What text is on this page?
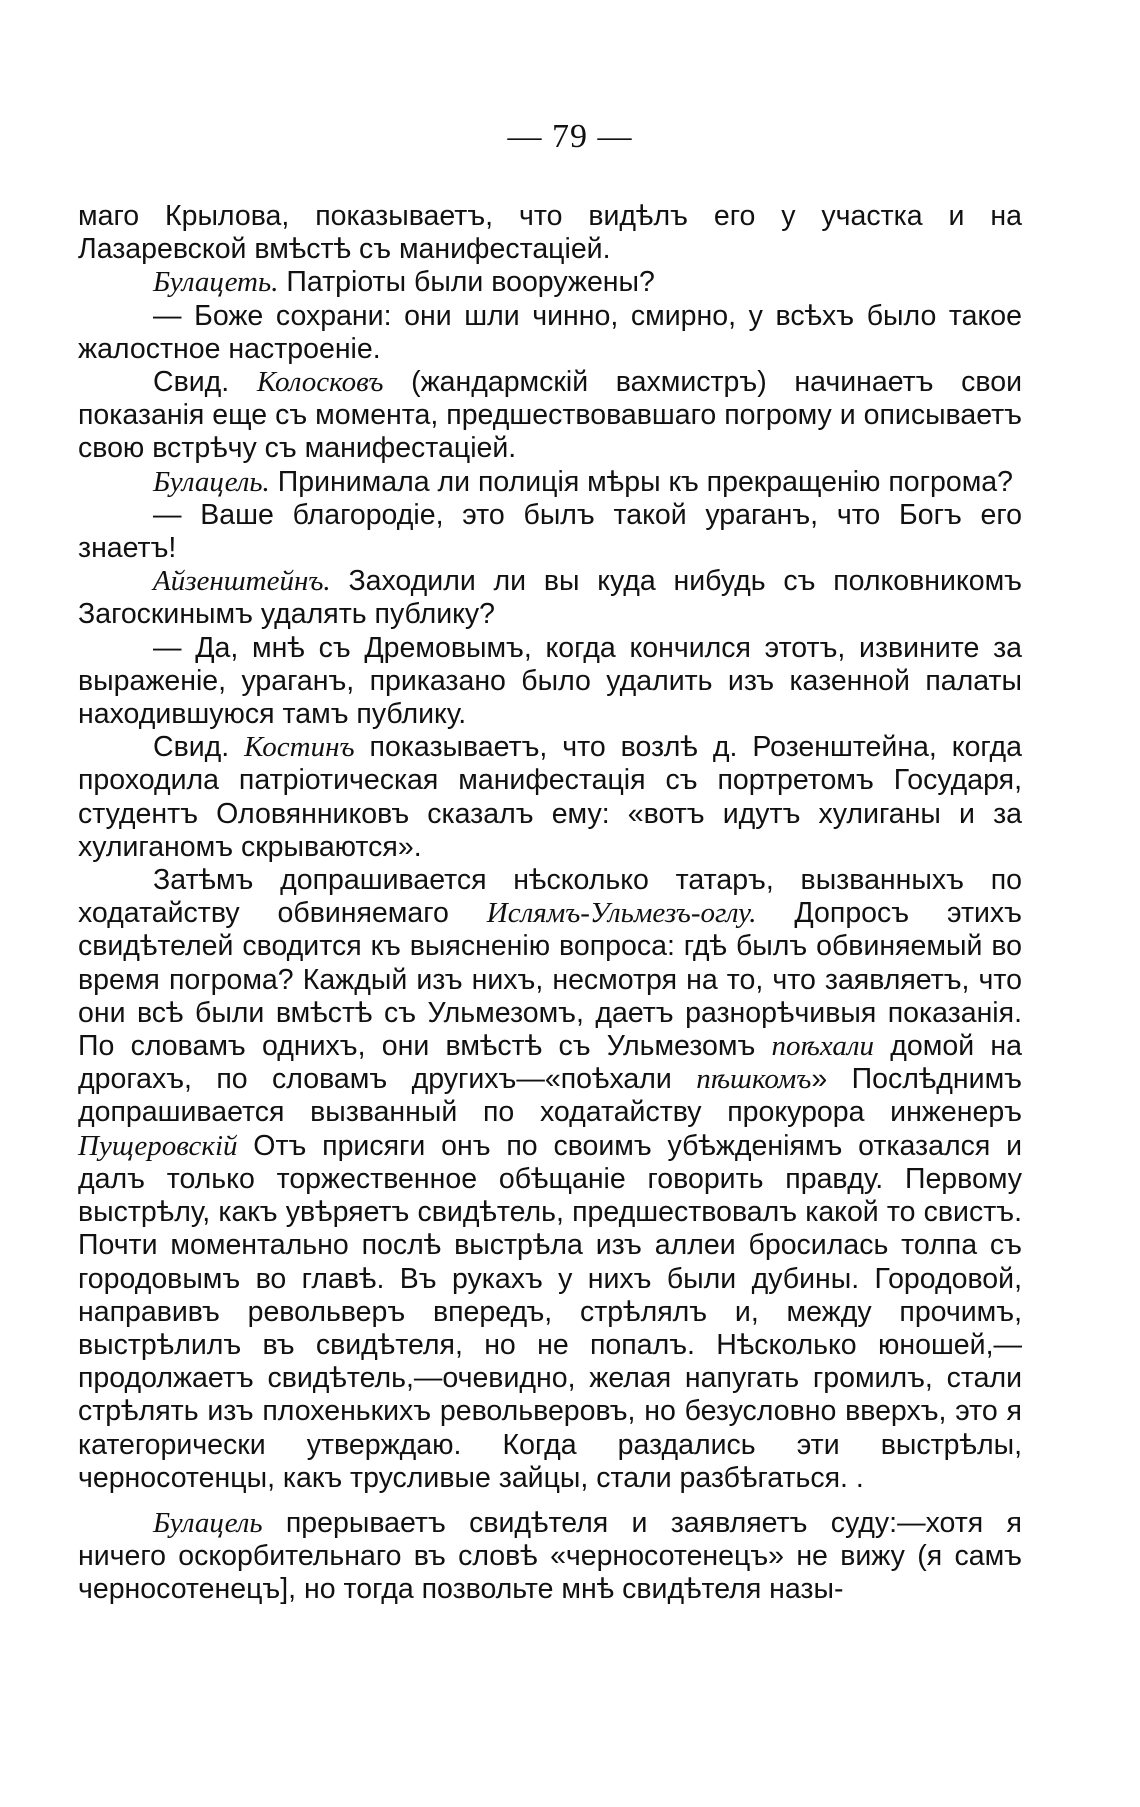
— 79 —

маго Крылова, показываетъ, что видѣлъ его у участка и на Лазаревской вмѣстѣ съ манифестаціей.

Булацеть. Патріоты были вооружены?

— Боже сохрани: они шли чинно, смирно, у всѣхъ было такое жалостное настроеніе.

Свид. Колосковъ (жандармскій вахмистръ) начинаетъ свои показанія еще съ момента, предшествовавшаго погрому и описываетъ свою встрѣчу съ манифестаціей.

Булацель. Принимала ли полиція мѣры къ прекращенію погрома?

— Ваше благородіе, это былъ такой ураганъ, что Богъ его знаетъ!

Айзенштейнъ. Заходили ли вы куда нибудь съ полковникомъ Загоскинымъ удалять публику?

— Да, мнѣ съ Дремовымъ, когда кончился этотъ, извините за выраженіе, ураганъ, приказано было удалить изъ казенной палаты находившуюся тамъ публику.

Свид. Костинъ показываетъ, что возлѣ д. Розенштейна, когда проходила патріотическая манифестація съ портретомъ Государя, студентъ Оловянниковъ сказалъ ему: «вотъ идутъ хулиганы и за хулиганомъ скрываются».

Затѣмъ допрашивается нѣсколько татаръ, вызванныхъ по ходатайству обвиняемаго Ислямъ-Ульмезъ-оглу. Допросъ этихъ свидѣтелей сводится къ выясненію вопроса: гдѣ былъ обвиняемый во время погрома? Каждый изъ нихъ, несмотря на то, что заявляетъ, что они всѣ были вмѣстѣ съ Ульмезомъ, даетъ разнорѣчивыя показанія. По словамъ однихъ, они вмѣстѣ съ Ульмезомъ поѣхали домой на дрогахъ, по словамъ другихъ—«поѣхали пѣшкомъ» Послѣднимъ допрашивается вызванный по ходатайству прокурора инженеръ Пущеровскій Отъ присяги онъ по своимъ убѣжденіямъ отказался и далъ только торжественное обѣщаніе говорить правду. Первому выстрѣлу, какъ увѣряетъ свидѣтель, предшествовалъ какой то свистъ. Почти моментально послѣ выстрѣла изъ аллеи бросилась толпа съ городовымъ во главѣ. Въ рукахъ у нихъ были дубины. Городовой, направивъ револьверъ впередъ, стрѣлялъ и, между прочимъ, выстрѣлилъ въ свидѣтеля, но не попалъ. Нѣсколько юношей,—продолжаетъ свидѣтель,—очевидно, желая напугать громилъ, стали стрѣлять изъ плохенькихъ револьверовъ, но безусловно вверхъ, это я категорически утверждаю. Когда раздались эти выстрѣлы, черносотенцы, какъ трусливые зайцы, стали разбѣгаться. .

Булацель прерываетъ свидѣтеля и заявляетъ суду:—хотя я ничего оскорбительнаго въ словѣ «черносотенецъ» не вижу (я самъ черносотенецъ], но тогда позвольте мнѣ свидѣтеля назы-
